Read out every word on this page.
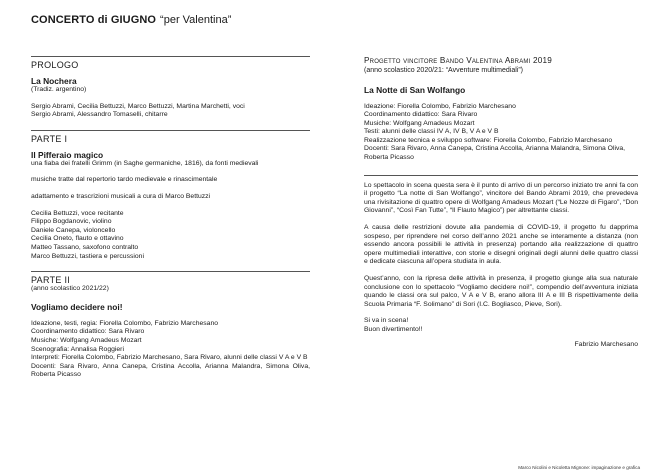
CONCERTO di GIUGNO “per Valentina”
PROLOGO
La Nochera
(Tradiz. argentino)
Sergio Abrami, Cecilia Bettuzzi, Marco Bettuzzi, Martina Marchetti, voci
Sergio Abrami, Alessandro Tomaselli, chitarre
PARTE I
Il Pifferaio magico
una fiaba dei fratelli Grimm (in Saghe germaniche, 1816), da fonti medievali
musiche tratte dal repertorio tardo medievale e rinascimentale
adattamento e trascrizioni musicali a cura di Marco Bettuzzi
Cecilia Bettuzzi, voce recitante
Filippo Bogdanovic, violino
Daniele Canepa, violoncello
Cecilia Oneto, flauto e ottavino
Matteo Tassano, saxofono contralto
Marco Bettuzzi, tastiera e percussioni
PARTE II
(anno scolastico 2021/22)
Vogliamo decidere noi!
Ideazione, testi, regia: Fiorella Colombo, Fabrizio Marchesano
Coordinamento didattico: Sara Rivaro
Musiche: Wolfgang Amadeus Mozart
Scenografia: Annalisa Roggieri
Interpreti: Fiorella Colombo, Fabrizio Marchesano, Sara Rivaro, alunni delle classi V A e V B
Docenti: Sara Rivaro, Anna Canepa, Cristina Accolla, Arianna Malandra, Simona Oliva, Roberta Picasso
Progetto vincitore Bando Valentina Abrami 2019
(anno scolastico 2020/21: “Avventure multimediali”)
La Notte di San Wolfango
Ideazione: Fiorella Colombo, Fabrizio Marchesano
Coordinamento didattico: Sara Rivaro
Musiche: Wolfgang Amadeus Mozart
Testi: alunni delle classi IV A, IV B, V A e V B
Realizzazione tecnica e sviluppo software: Fiorella Colombo, Fabrizio Marchesano
Docenti: Sara Rivaro, Anna Canepa, Cristina Accolla, Arianna Malandra, Simona Oliva, Roberta Picasso

Lo spettacolo in scena questa sera è il punto di arrivo di un percorso iniziato tre anni fa con il progetto “La notte di San Wolfango”, vincitore del Bando Abrami 2019, che prevedeva una rivisitazione di quattro opere di Wolfgang Amadeus Mozart (“Le Nozze di Figaro”, “Don Giovanni”, “Così Fan Tutte”, “Il Flauto Magico”) per altrettante classi.

A causa delle restrizioni dovute alla pandemia di COVID-19, il progetto fu dapprima sospeso, per riprendere nel corso dell’anno 2021 anche se interamente a distanza (non essendo ancora possibili le attività in presenza) portando alla realizzazione di quattro opere multimediali interattive, con storie e disegni originali degli alunni delle quattro classi e dedicate ciascuna all’opera studiata in aula.

Quest’anno, con la ripresa delle attività in presenza, il progetto giunge alla sua naturale conclusione con lo spettacolo “Vogliamo decidere noi!”, compendio dell’avventura iniziata quando le classi ora sul palco, V A e V B, erano allora III A e III B rispettivamente della Scuola Primaria “F. Solimano” di Sori (I.C. Bogliasco, Pieve, Sori).

Si va in scena!
Buon divertimento!!
Fabrizio Marchesano
Marco Nicolini e Nicoletta Mignone: impaginazione e grafica
